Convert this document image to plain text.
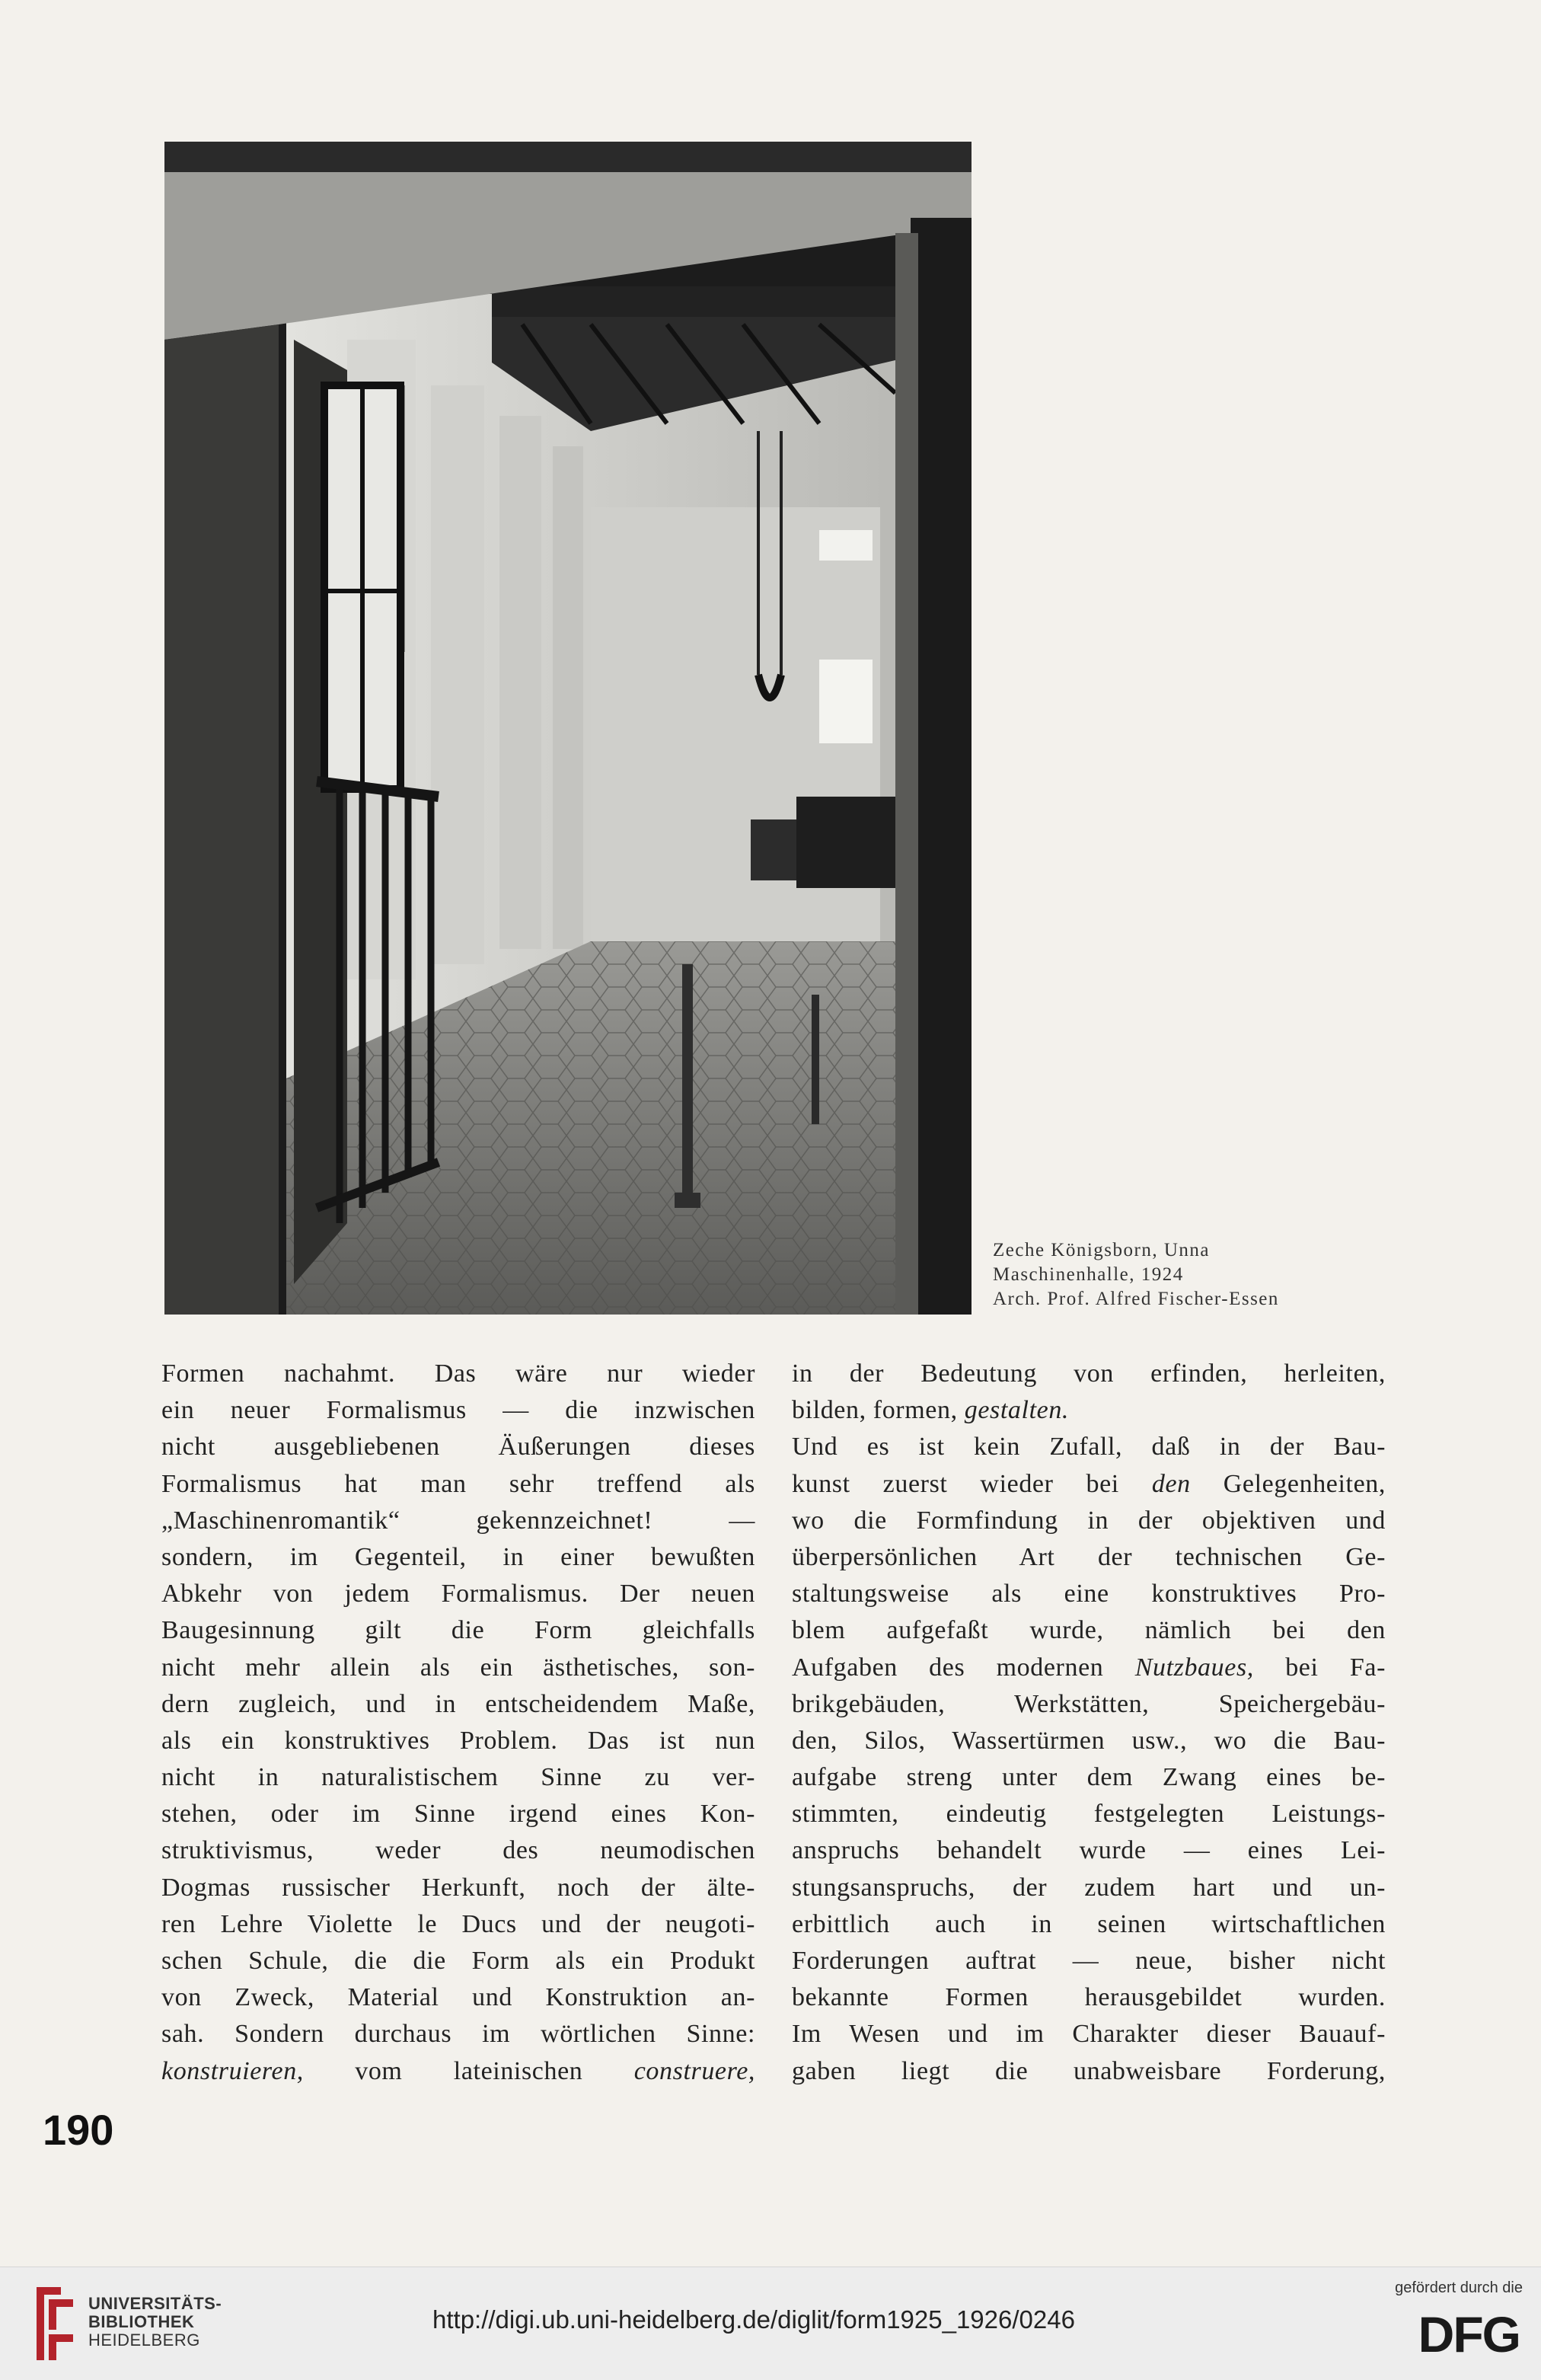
Zeche Königsborn, Unna
Maschinenhalle, 1924
Arch. Prof. Alfred Fischer-Essen
Formen nachahmt. Das wäre nur wieder
ein neuer Formalismus — die inzwischen
nicht ausgebliebenen Äußerungen dieses
Formalismus hat man sehr treffend als
„Maschinenromantik“ gekennzeichnet! —
sondern, im Gegenteil, in einer bewußten
Abkehr von jedem Formalismus. Der neuen
Baugesinnung gilt die Form gleichfalls
nicht mehr allein als ein ästhetisches, son-
dern zugleich, und in entscheidendem Maße,
als ein konstruktives Problem. Das ist nun
nicht in naturalistischem Sinne zu ver-
stehen, oder im Sinne irgend eines Kon-
struktivismus, weder des neumodischen
Dogmas russischer Herkunft, noch der älte-
ren Lehre Violette le Ducs und der neugoti-
schen Schule, die die Form als ein Produkt
von Zweck, Material und Konstruktion an-
sah. Sondern durchaus im wörtlichen Sinne:
konstruieren, vom lateinischen construere,
in der Bedeutung von erfinden, herleiten,
bilden, formen, gestalten.
Und es ist kein Zufall, daß in der Bau-
kunst zuerst wieder bei den Gelegenheiten,
wo die Formfindung in der objektiven und
überpersönlichen Art der technischen Ge-
staltungsweise als eine konstruktives Pro-
blem aufgefaßt wurde, nämlich bei den
Aufgaben des modernen Nutzbaues, bei Fa-
brikgebäuden, Werkstätten, Speichergebäu-
den, Silos, Wassertürmen usw., wo die Bau-
aufgabe streng unter dem Zwang eines be-
stimmten, eindeutig festgelegten Leistungs-
anspruchs behandelt wurde — eines Lei-
stungsanspruchs, der zudem hart und un-
erbittlich auch in seinen wirtschaftlichen
Forderungen auftrat — neue, bisher nicht
bekannte Formen herausgebildet wurden.
Im Wesen und im Charakter dieser Bauauf-
gaben liegt die unabweisbare Forderung,
190
UNIVERSITÄTS-
BIBLIOTHEK
HEIDELBERG
http://digi.ub.uni-heidelberg.de/diglit/form1925_1926/0246
gefördert durch die
DFG
